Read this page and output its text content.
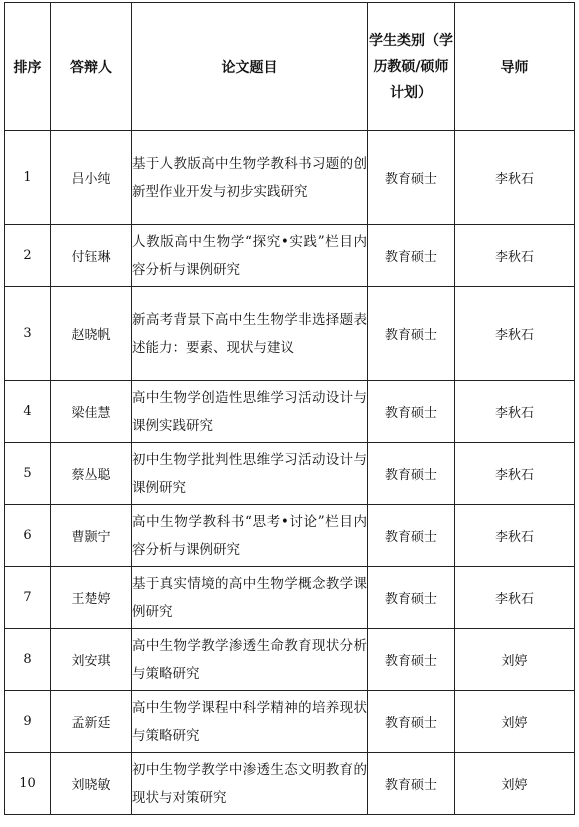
排序	答辩人	论文题目	学生类别（学历教硕/硕师计划）	导师
1	吕小纯	基于人教版高中生物学教科书习题的创新型作业开发与初步实践研究	教育硕士	李秋石
2	付钰琳	人教版高中生物学“探究•实践”栏目内容分析与课例研究	教育硕士	李秋石
3	赵晓帆	新高考背景下高中生生物学非选择题表述能力：要素、现状与建议	教育硕士	李秋石
4	梁佳慧	高中生物学创造性思维学习活动设计与课例实践研究	教育硕士	李秋石
5	蔡丛聪	初中生物学批判性思维学习活动设计与课例研究	教育硕士	李秋石
6	曹颢宁	高中生物学教科书“思考•讨论”栏目内容分析与课例研究	教育硕士	李秋石
7	王楚婷	基于真实情境的高中生物学概念教学课例研究	教育硕士	李秋石
8	刘安琪	高中生物学教学渗透生命教育现状分析与策略研究	教育硕士	刘婷
9	孟新廷	高中生物学课程中科学精神的培养现状与策略研究	教育硕士	刘婷
10	刘晓敏	初中生物学教学中渗透生态文明教育的现状与对策研究	教育硕士	刘婷
